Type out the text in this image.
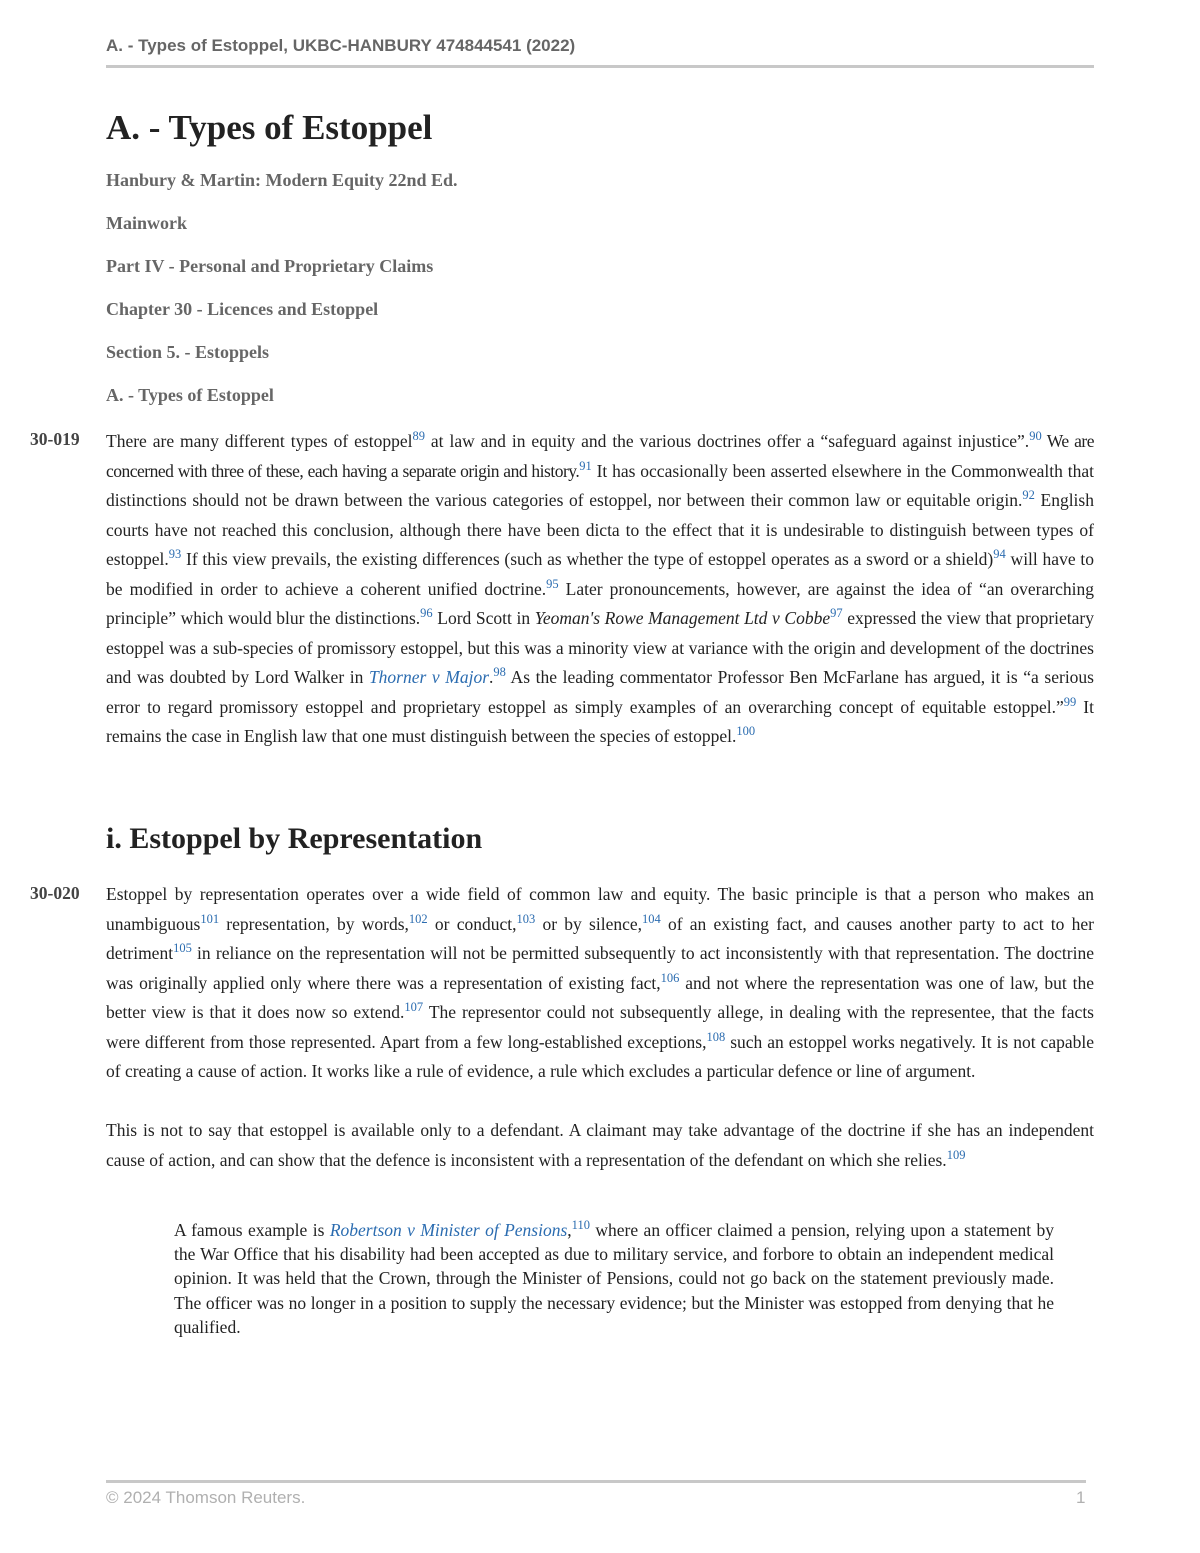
A. - Types of Estoppel, UKBC-HANBURY 474844541 (2022)
A. - Types of Estoppel
Hanbury & Martin: Modern Equity 22nd Ed.
Mainwork
Part IV - Personal and Proprietary Claims
Chapter 30 - Licences and Estoppel
Section 5. - Estoppels
A. - Types of Estoppel
30-019 There are many different types of estoppel$^{89}$ at law and in equity and the various doctrines offer a “safeguard against injustice”.$^{90}$ We are concerned with three of these, each having a separate origin and history.$^{91}$ It has occasionally been asserted elsewhere in the Commonwealth that distinctions should not be drawn between the various categories of estoppel, nor between their common law or equitable origin.$^{92}$ English courts have not reached this conclusion, although there have been dicta to the effect that it is undesirable to distinguish between types of estoppel.$^{93}$ If this view prevails, the existing differences (such as whether the type of estoppel operates as a sword or a shield)$^{94}$ will have to be modified in order to achieve a coherent unified doctrine.$^{95}$ Later pronouncements, however, are against the idea of “an overarching principle” which would blur the distinctions.$^{96}$ Lord Scott in Yeoman's Rowe Management Ltd v Cobbe$^{97}$ expressed the view that proprietary estoppel was a sub-species of promissory estoppel, but this was a minority view at variance with the origin and development of the doctrines and was doubted by Lord Walker in Thorner v Major.$^{98}$ As the leading commentator Professor Ben McFarlane has argued, it is “a serious error to regard promissory estoppel and proprietary estoppel as simply examples of an overarching concept of equitable estoppel.”$^{99}$ It remains the case in English law that one must distinguish between the species of estoppel.$^{100}$
i. Estoppel by Representation
30-020 Estoppel by representation operates over a wide field of common law and equity. The basic principle is that a person who makes an unambiguous$^{101}$ representation, by words,$^{102}$ or conduct,$^{103}$ or by silence,$^{104}$ of an existing fact, and causes another party to act to her detriment$^{105}$ in reliance on the representation will not be permitted subsequently to act inconsistently with that representation. The doctrine was originally applied only where there was a representation of existing fact,$^{106}$ and not where the representation was one of law, but the better view is that it does now so extend.$^{107}$ The representor could not subsequently allege, in dealing with the representee, that the facts were different from those represented. Apart from a few long-established exceptions,$^{108}$ such an estoppel works negatively. It is not capable of creating a cause of action. It works like a rule of evidence, a rule which excludes a particular defence or line of argument.
This is not to say that estoppel is available only to a defendant. A claimant may take advantage of the doctrine if she has an independent cause of action, and can show that the defence is inconsistent with a representation of the defendant on which she relies.$^{109}$
A famous example is Robertson v Minister of Pensions,$^{110}$ where an officer claimed a pension, relying upon a statement by the War Office that his disability had been accepted as due to military service, and forbore to obtain an independent medical opinion. It was held that the Crown, through the Minister of Pensions, could not go back on the statement previously made. The officer was no longer in a position to supply the necessary evidence; but the Minister was estopped from denying that he qualified.
© 2024 Thomson Reuters.	1
